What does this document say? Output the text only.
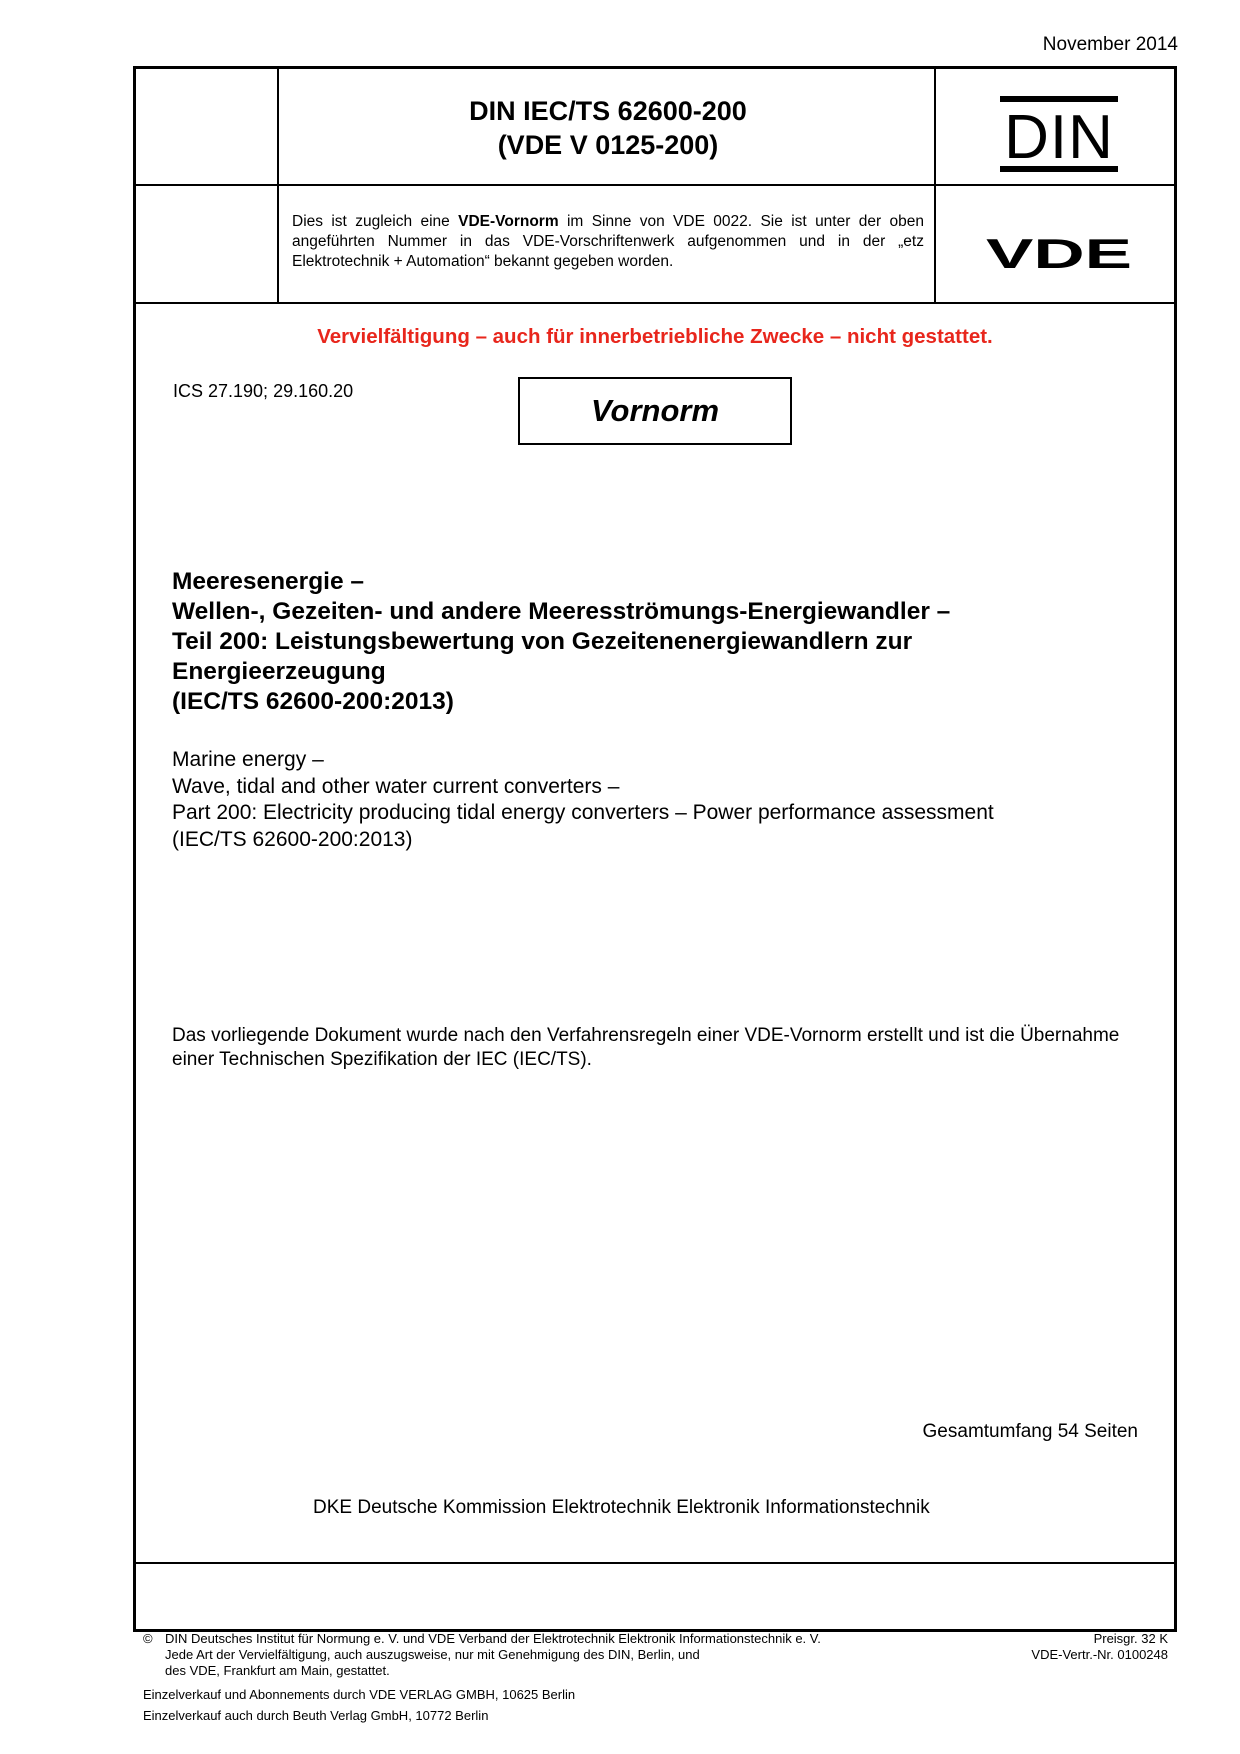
November 2014
DIN IEC/TS 62600-200
(VDE V 0125-200)	DIN
VDE
Dies ist zugleich eine VDE-Vornorm im Sinne von VDE 0022. Sie ist unter der oben angeführten Nummer in das VDE-Vorschriftenwerk aufgenommen und in der „etz Elektrotechnik + Automation“ bekannt gegeben worden.
Vervielfältigung – auch für innerbetriebliche Zwecke – nicht gestattet.
ICS 27.190; 29.160.20
Vornorm
Meeresenergie –
Wellen-, Gezeiten- und andere Meeresströmungs-Energiewandler –
Teil 200: Leistungsbewertung von Gezeitenenergiewandlern zur
Energieerzeugung
(IEC/TS 62600-200:2013)
Marine energy –
Wave, tidal and other water current converters –
Part 200: Electricity producing tidal energy converters – Power performance assessment
(IEC/TS 62600-200:2013)
Das vorliegende Dokument wurde nach den Verfahrensregeln einer VDE-Vornorm erstellt und ist die Übernahme einer Technischen Spezifikation der IEC (IEC/TS).
Gesamtumfang 54 Seiten
DKE Deutsche Kommission Elektrotechnik Elektronik Informationstechnik
© DIN Deutsches Institut für Normung e. V. und VDE Verband der Elektrotechnik Elektronik Informationstechnik e. V.
Jede Art der Vervielfältigung, auch auszugsweise, nur mit Genehmigung des DIN, Berlin, und
des VDE, Frankfurt am Main, gestattet.
Preisgr. 32 K
VDE-Vertr.-Nr. 0100248
Einzelverkauf und Abonnements durch VDE VERLAG GMBH, 10625 Berlin
Einzelverkauf auch durch Beuth Verlag GmbH, 10772 Berlin
